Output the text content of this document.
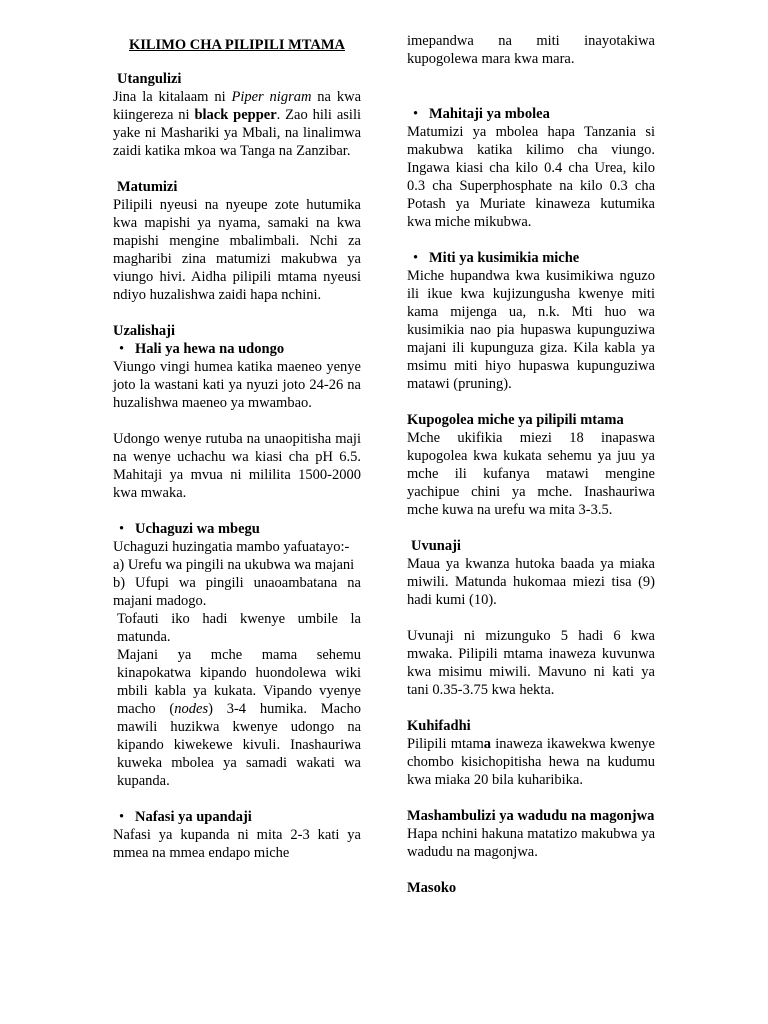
KILIMO CHA PILIPILI MTAMA

Utangulizi

Jina la kitalaam ni Piper nigram na kwa kiingereza ni black pepper. Zao hili asili yake ni Mashariki ya Mbali, na linalimwa zaidi katika mkoa wa Tanga na Zanzibar.

Matumizi

Pilipili nyeusi na nyeupe zote hutumika kwa mapishi ya nyama, samaki na kwa mapishi mengine mbalimbali. Nchi za magharibi zina matumizi makubwa ya viungo hivi. Aidha pilipili mtama nyeusi ndiyo huzalishwa zaidi hapa nchini.

Uzalishaji

• Hali ya hewa na udongo

Viungo vingi humea katika maeneo yenye joto la wastani kati ya nyuzi joto 24-26 na huzalishwa maeneo ya mwambao.

Udongo wenye rutuba na unaopitisha maji na wenye uchachu wa kiasi cha pH 6.5. Mahitaji ya mvua ni mililita 1500-2000 kwa mwaka.

• Uchaguzi wa mbegu

Uchaguzi huzingatia mambo yafuatayo:-

a) Urefu wa pingili na ukubwa wa majani

b) Ufupi wa pingili unaoambatana na majani madogo.

Tofauti iko hadi kwenye umbile la matunda.

Majani ya mche mama sehemu kinapokatwa kipando huondolewa wiki mbili kabla ya kukata. Vipando vyenye macho (nodes) 3-4 humika. Macho mawili huzikwa kwenye udongo na kipando kiwekewe kivuli. Inashauriwa kuweka mbolea ya samadi wakati wa kupanda.

• Nafasi ya upandaji

Nafasi ya kupanda ni mita 2-3 kati ya mmea na mmea endapo miche

imepandwa na miti inayotakiwa kupogolewa mara kwa mara.

• Mahitaji ya mbolea

Matumizi ya mbolea hapa Tanzania si makubwa katika kilimo cha viungo. Ingawa kiasi cha kilo 0.4 cha Urea, kilo 0.3 cha Superphosphate na kilo 0.3 cha Potash ya Muriate kinaweza kutumika kwa miche mikubwa.

• Miti ya kusimikia miche

Miche hupandwa kwa kusimikiwa nguzo ili ikue kwa kujizungusha kwenye miti kama mijenga ua, n.k. Mti huo wa kusimikia nao pia hupaswa kupunguziwa majani ili kupunguza giza. Kila kabla ya msimu miti hiyo hupaswa kupunguziwa matawi (pruning).

Kupogolea miche ya pilipili mtama

Mche ukifikia miezi 18 inapaswa kupogolea kwa kukata sehemu ya juu ya mche ili kufanya matawi mengine yachipue chini ya mche. Inashauriwa mche kuwa na urefu wa mita 3-3.5.

Uvunaji

Maua ya kwanza hutoka baada ya miaka miwili. Matunda hukomaa miezi tisa (9) hadi kumi (10).

Uvunaji ni mizunguko 5 hadi 6 kwa mwaka. Pilipili mtama inaweza kuvunwa kwa misimu miwili. Mavuno ni kati ya tani 0.35-3.75 kwa hekta.

Kuhifadhi

Pilipili mtama inaweza ikawekwa kwenye chombo kisichopitisha hewa na kudumu kwa miaka 20 bila kuharibika.

Mashambulizi ya wadudu na magonjwa

Hapa nchini hakuna matatizo makubwa ya wadudu na magonjwa.

Masoko
